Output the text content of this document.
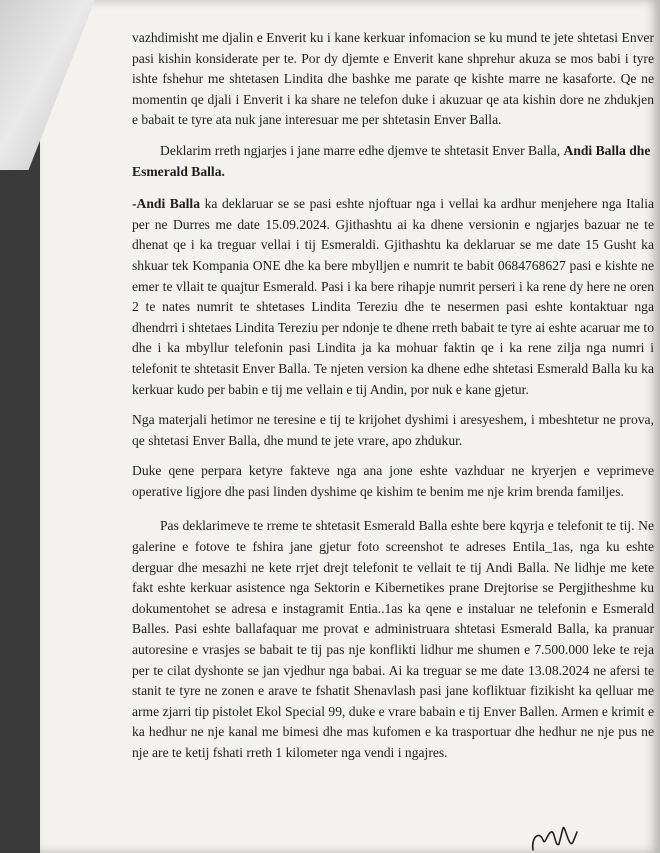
vazhdimisht me djalin e Enverit ku i kane kerkuar infomacion se ku mund te jete shtetasi Enver pasi kishin konsiderate per te. Por dy djemte e Enverit kane shprehur akuza se mos babi i tyre ishte fshehur me shtetasen Lindita dhe bashke me parate qe kishte marre ne kasaforte. Qe ne momentin qe djali i Enverit i ka share ne telefon duke i akuzuar qe ata kishin dore ne zhdukjen e babait te tyre ata nuk jane interesuar me per shtetasin Enver Balla.

Deklarim rreth ngjarjes i jane marre edhe djemve te shtetasit Enver Balla, Andi Balla dhe Esmerald Balla.

-Andi Balla ka deklaruar se se pasi eshte njoftuar nga i vellai ka ardhur menjehere nga Italia per ne Durres me date 15.09.2024. Gjithashtu ai ka dhene versionin e ngjarjes bazuar ne te dhenat qe i ka treguar vellai i tij Esmeraldi. Gjithashtu ka deklaruar se me date 15 Gusht ka shkuar tek Kompania ONE dhe ka bere mbylljen e numrit te babit 0684768627 pasi e kishte ne emer te vllait te quajtur Esmerald. Pasi i ka bere rihapje numrit perseri i ka rene dy here ne oren 2 te nates numrit te shtetases Lindita Tereziu dhe te nesermen pasi eshte kontaktuar nga dhendrri i shtetaes Lindita Tereziu per ndonje te dhene rreth babait te tyre ai eshte acaruar me to dhe i ka mbyllur telefonin pasi Lindita ja ka mohuar faktin qe i ka rene zilja nga numri i telefonit te shtetasit Enver Balla. Te njeten version ka dhene edhe shtetasi Esmerald Balla ku ka kerkuar kudo per babin e tij me vellain e tij Andin, por nuk e kane gjetur.

Nga materjali hetimor ne teresine e tij te krijohet dyshimi i aresyeshem, i mbeshtetur ne prova, qe shtetasi Enver Balla, dhe mund te jete vrare, apo zhdukur.

Duke qene perpara ketyre fakteve nga ana jone eshte vazhduar ne kryerjen e veprimeve operative ligjore dhe pasi linden dyshime qe kishim te benim me nje krim brenda familjes.

Pas deklarimeve te rreme te shtetasit Esmerald Balla eshte bere kqyrja e telefonit te tij. Ne galerine e fotove te fshira jane gjetur foto screenshot te adreses Entila_1as, nga ku eshte derguar dhe mesazhi ne kete rrjet drejt telefonit te vellait te tij Andi Balla. Ne lidhje me kete fakt eshte kerkuar asistence nga Sektorin e Kibernetikes prane Drejtorise se Pergjitheshme ku dokumentohet se adresa e instagramit Entia..1as ka qene e instaluar ne telefonin e Esmerald Balles. Pasi eshte ballafaquar me provat e administruara shtetasi Esmerald Balla, ka pranuar autoresine e vrasjes se babait te tij pas nje konflikti lidhur me shumen e 7.500.000 leke te reja per te cilat dyshonte se jan vjedhur nga babai. Ai ka treguar se me date 13.08.2024 ne afersi te stanit te tyre ne zonen e arave te fshatit Shenavlash pasi jane kofliktuar fizikisht ka qelluar me arme zjarri tip pistolet Ekol Special 99, duke e vrare babain e tij Enver Ballen. Armen e krimit e ka hedhur ne nje kanal me bimesi dhe mas kufomen e ka trasportuar dhe hedhur ne nje pus ne nje are te ketij fshati rreth 1 kilometer nga vendi i ngajres.
